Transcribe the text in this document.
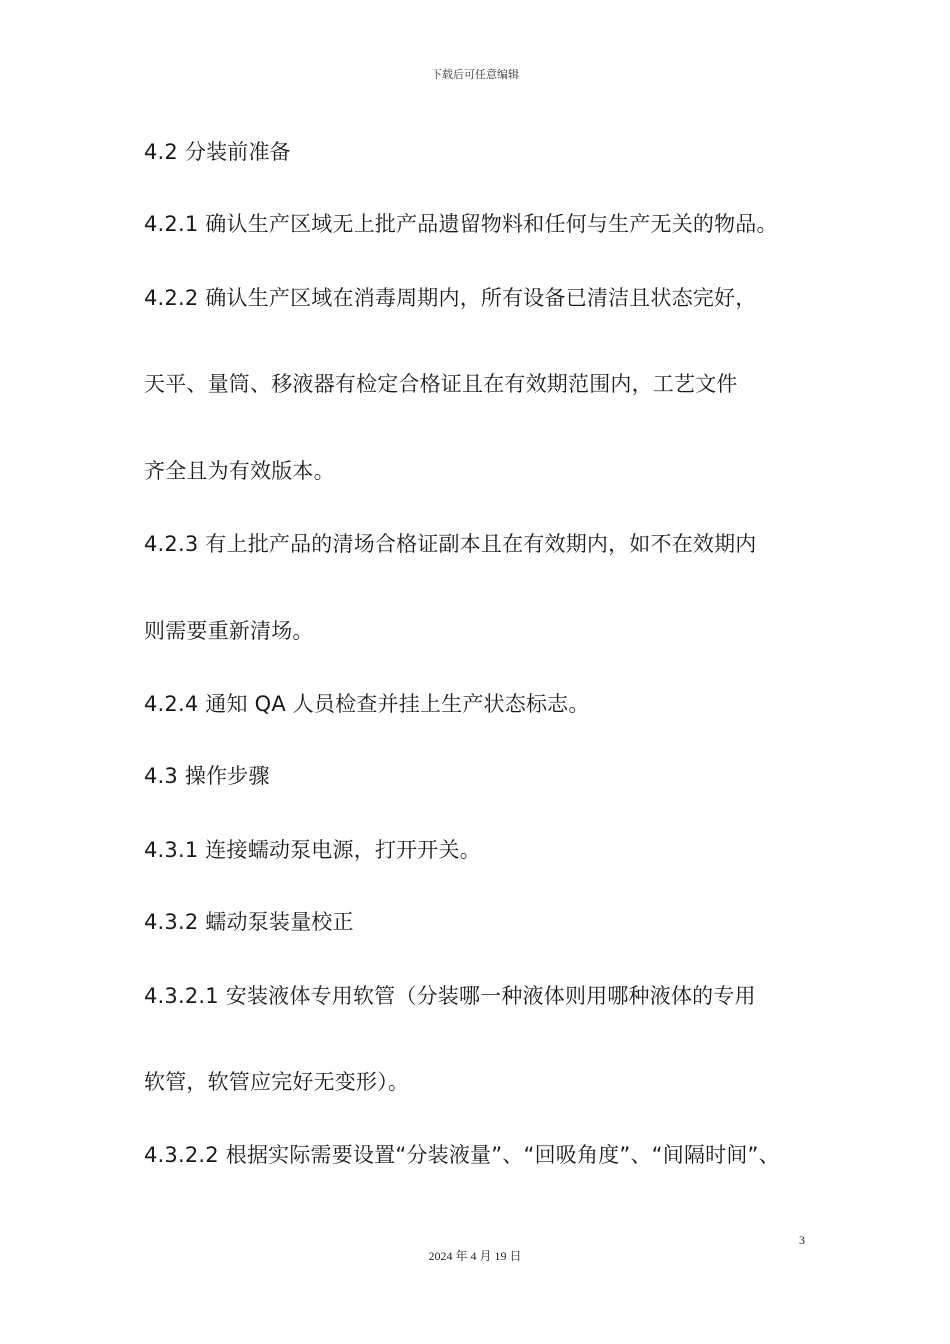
下载后可任意编辑
4.2 分装前准备
4.2.1 确认生产区域无上批产品遗留物料和任何与生产无关的物品。
4.2.2 确认生产区域在消毒周期内，所有设备已清洁且状态完好，
天平、量筒、移液器有检定合格证且在有效期范围内，工艺文件
齐全且为有效版本。
4.2.3 有上批产品的清场合格证副本且在有效期内，如不在效期内
则需要重新清场。
4.2.4 通知 QA 人员检查并挂上生产状态标志。
4.3 操作步骤
4.3.1 连接蠕动泵电源，打开开关。
4.3.2 蠕动泵装量校正
4.3.2.1 安装液体专用软管（分装哪一种液体则用哪种液体的专用
软管，软管应完好无变形）。
4.3.2.2 根据实际需要设置“分装液量”、“回吸角度”、“间隔时间”、
3
2024 年 4 月 19 日
